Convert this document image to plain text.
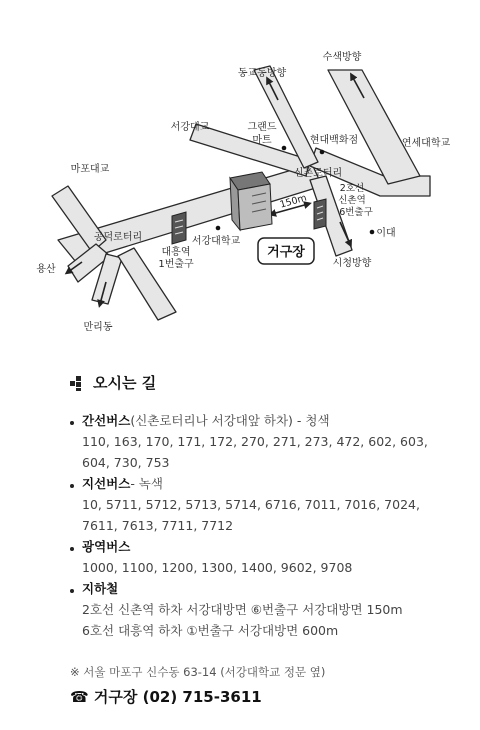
마포대교
공덕로터리
용산
만리동
대흥역
1번출구
서강대학교
서강대교	그랜드
마트	현대백화점
동교동방향
수색방향
연세대학교
신촌로터리
2호선
신촌역
6번출구
이대
시청방향
150m
거구장
오시는 길
간선버스 (신촌로터리나 서강대앞 하차) - 청색
110, 163, 170, 171, 172, 270, 271, 273, 472, 602, 603,
604, 730, 753
지선버스 - 녹색
10, 5711, 5712, 5713, 5714, 6716, 7011, 7016, 7024,
7611, 7613, 7711, 7712
광역버스
1000, 1100, 1200, 1300, 1400, 9602, 9708
지하철
2호선 신촌역 하차 서강대방면 ⑥번출구 서강대방면 150m
6호선 대흥역 하차 ①번출구 서강대방면 600m
※ 서울 마포구 신수동 63-14 (서강대학교 정문 옆)
☎ 거구장 (02) 715-3611
